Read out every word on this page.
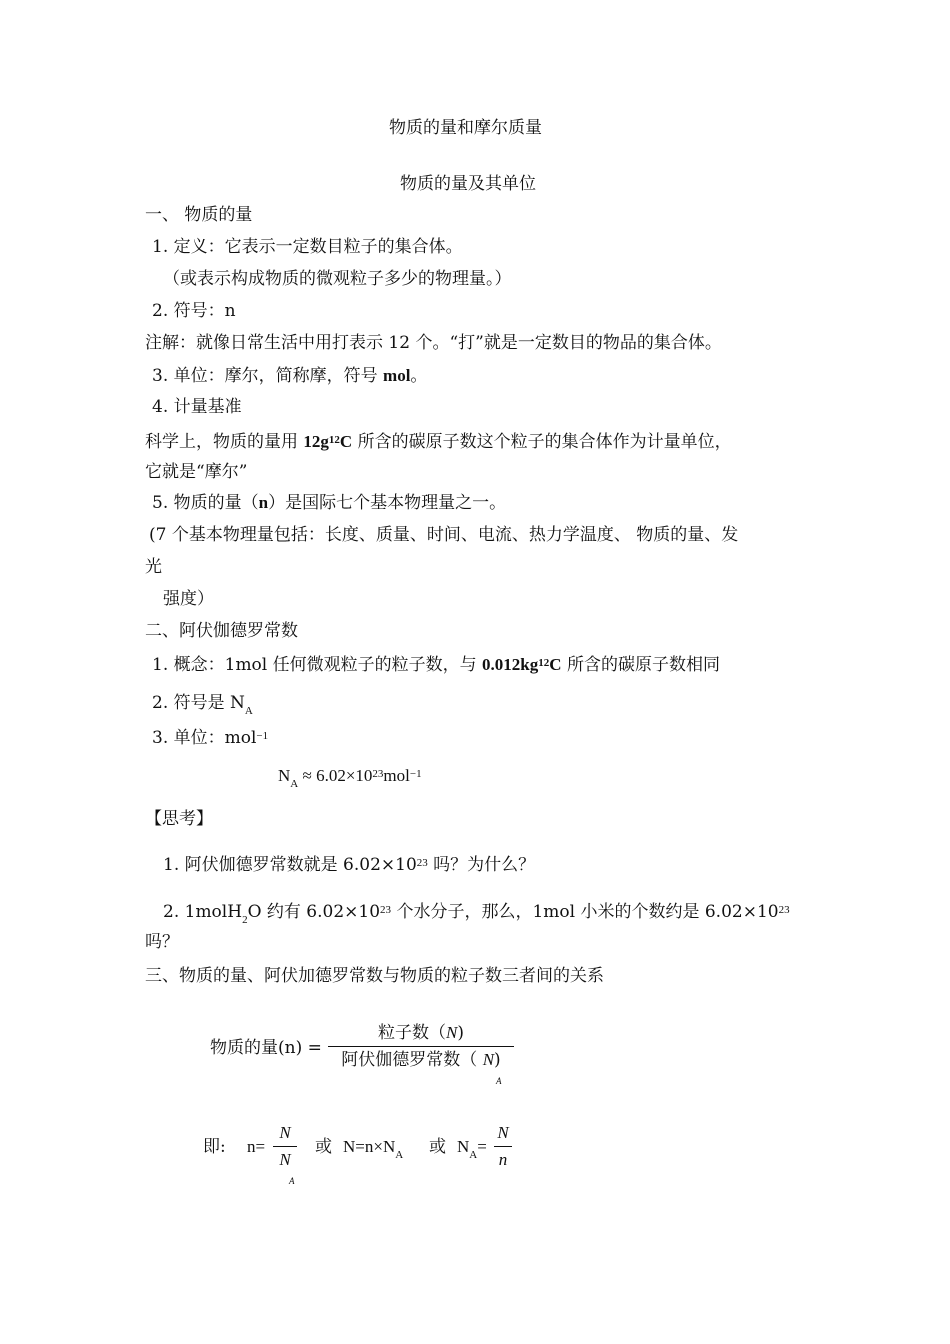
物质的量和摩尔质量
物质的量及其单位
一、 物质的量
1. 定义：它表示一定数目粒子的集合体。
（或表示构成物质的微观粒子多少的物理量。）
2. 符号：n
注解：就像日常生活中用打表示 12 个。“打”就是一定数目的物品的集合体。
3. 单位：摩尔，简称摩，符号 mol。
4. 计量基准
科学上，物质的量用 $12g^{12}C$ 所含的碳原子数这个粒子的集合体作为计量单位，
它就是“摩尔”
5. 物质的量（n）是国际七个基本物理量之一。
(7 个基本物理量包括：长度、质量、时间、电流、热力学温度、 物质的量、发
光
强度）
二、阿伏伽德罗常数
1. 概念：1mol 任何微观粒子的粒子数，与 $0.012kg^{12}C$ 所含的碳原子数相同
2. 符号是 $N_A$
3. 单位：mol$^{-1}$
$N_A \approx 6.02\times 10^{23}mol^{-1}$
【思考】
1. 阿伏伽德罗常数就是 $6.02\times 10^{23}$ 吗？为什么？
2. 1molH$_2$O 约有 $6.02\times 10^{23}$ 个水分子，那么，1mol 小米的个数约是 $6.02\times 10^{23}$
吗？
三、物质的量、阿伏加德罗常数与物质的粒子数三者间的关系
物质的量(n) =
粒子数（N)
阿伏伽德罗常数（ N)
A
即: n=
N
N
A
或 $N=n\times N_A$ 或 $N_A=$
N
n
